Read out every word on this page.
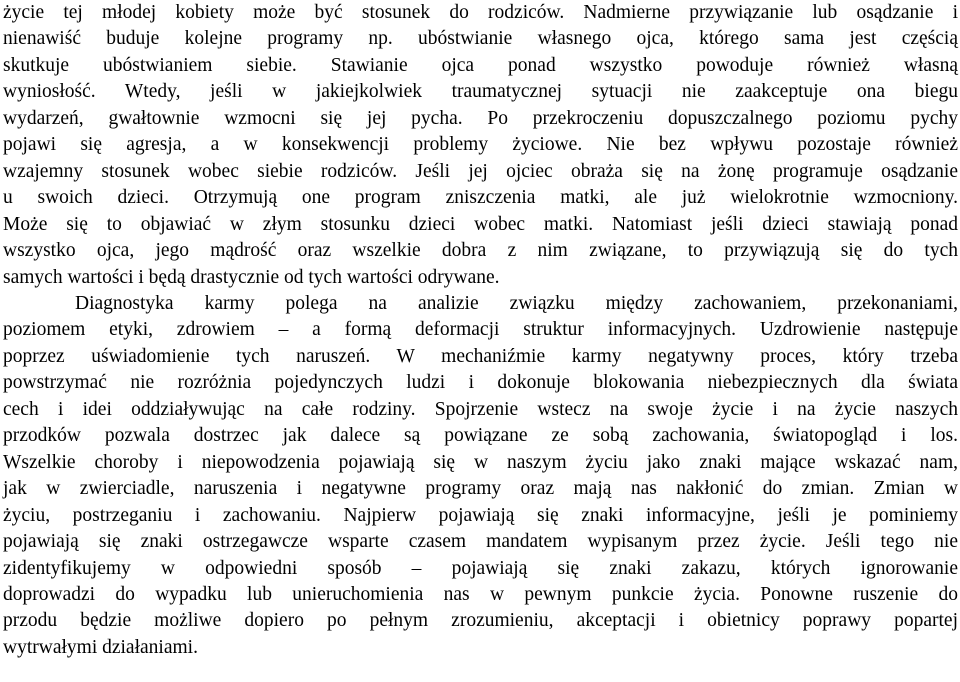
życie tej młodej kobiety może być stosunek do rodziców. Nadmierne przywiązanie lub osądzanie i
nienawiść buduje kolejne programy np. ubóstwianie własnego ojca, którego sama jest częścią
skutkuje ubóstwianiem siebie. Stawianie ojca ponad wszystko powoduje również własną
wyniosłość. Wtedy, jeśli w jakiejkolwiek traumatycznej sytuacji nie zaakceptuje ona biegu
wydarzeń, gwałtownie wzmocni się jej pycha. Po przekroczeniu dopuszczalnego poziomu pychy
pojawi się agresja, a w konsekwencji problemy życiowe. Nie bez wpływu pozostaje również
wzajemny stosunek wobec siebie rodziców. Jeśli jej ojciec obraża się na żonę programuje osądzanie
u swoich dzieci. Otrzymują one program zniszczenia matki, ale już wielokrotnie wzmocniony.
Może się to objawiać w złym stosunku dzieci wobec matki. Natomiast jeśli dzieci stawiają ponad
wszystko ojca, jego mądrość oraz wszelkie dobra z nim związane, to przywiązują się do tych
samych wartości i będą drastycznie od tych wartości odrywane.
Diagnostyka karmy polega na analizie związku między zachowaniem, przekonaniami,
poziomem etyki, zdrowiem – a formą deformacji struktur informacyjnych. Uzdrowienie następuje
poprzez uświadomienie tych naruszeń. W mechaniźmie karmy negatywny proces, który trzeba
powstrzymać nie rozróżnia pojedynczych ludzi i dokonuje blokowania niebezpiecznych dla świata
cech i idei oddziaływując na całe rodziny. Spojrzenie wstecz na swoje życie i na życie naszych
przodków pozwala dostrzec jak dalece są powiązane ze sobą zachowania, światopogląd i los.
Wszelkie choroby i niepowodzenia pojawiają się w naszym życiu jako znaki mające wskazać nam,
jak w zwierciadle, naruszenia i negatywne programy oraz mają nas nakłonić do zmian. Zmian w
życiu, postrzeganiu i zachowaniu. Najpierw pojawiają się znaki informacyjne, jeśli je pominiemy
pojawiają się znaki ostrzegawcze wsparte czasem mandatem wypisanym przez życie. Jeśli tego nie
zidentyfikujemy w odpowiedni sposób – pojawiają się znaki zakazu, których ignorowanie
doprowadzi do wypadku lub unieruchomienia nas w pewnym punkcie życia. Ponowne ruszenie do
przodu będzie możliwe dopiero po pełnym zrozumieniu, akceptacji i obietnicy poprawy popartej
wytrwałymi działaniami.
